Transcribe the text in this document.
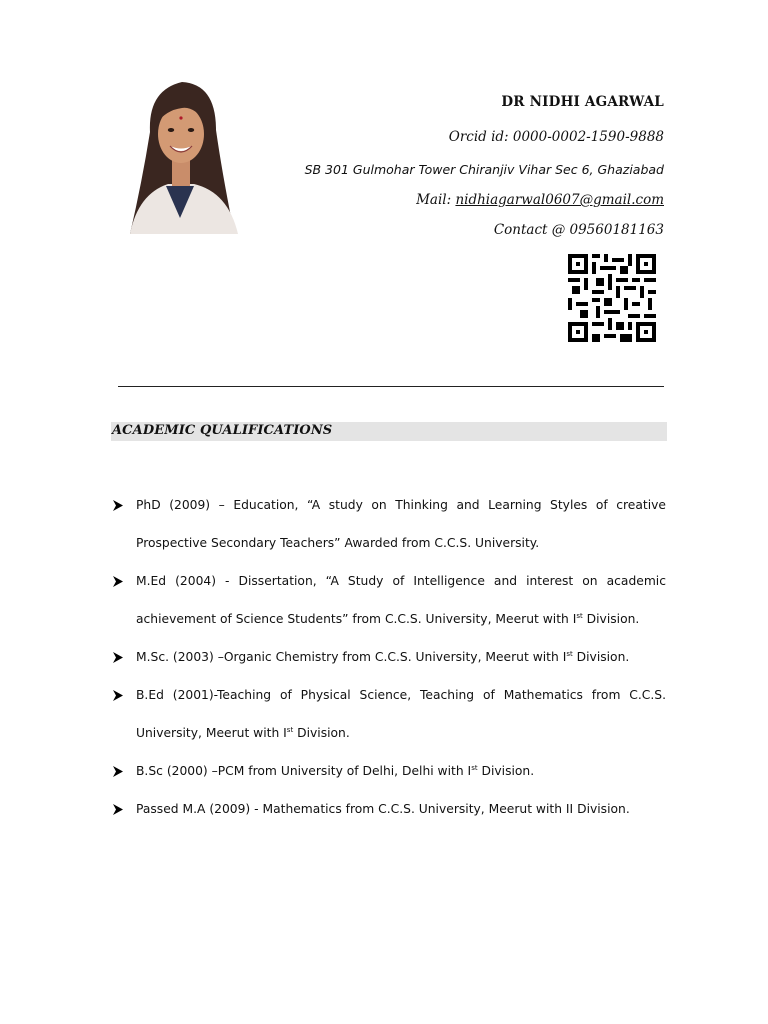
DR NIDHI AGARWAL
Orcid id: 0000-0002-1590-9888
SB 301 Gulmohar Tower Chiranjiv Vihar Sec 6, Ghaziabad
Mail: nidhiagarwal0607@gmail.com
Contact @ 09560181163
ACADEMIC QUALIFICATIONS
PhD (2009) – Education, “A study on Thinking and Learning Styles of creative Prospective Secondary Teachers” Awarded from C.C.S. University.
M.Ed (2004) - Dissertation, “A Study of Intelligence and interest on academic achievement of Science Students” from C.C.S. University, Meerut with Ist Division.
M.Sc. (2003) –Organic Chemistry from C.C.S. University, Meerut with Ist Division.
B.Ed (2001)-Teaching of Physical Science, Teaching of Mathematics from C.C.S. University, Meerut with Ist Division.
B.Sc (2000) –PCM from University of Delhi, Delhi with Ist Division.
Passed M.A (2009) - Mathematics from C.C.S. University, Meerut with II Division.
